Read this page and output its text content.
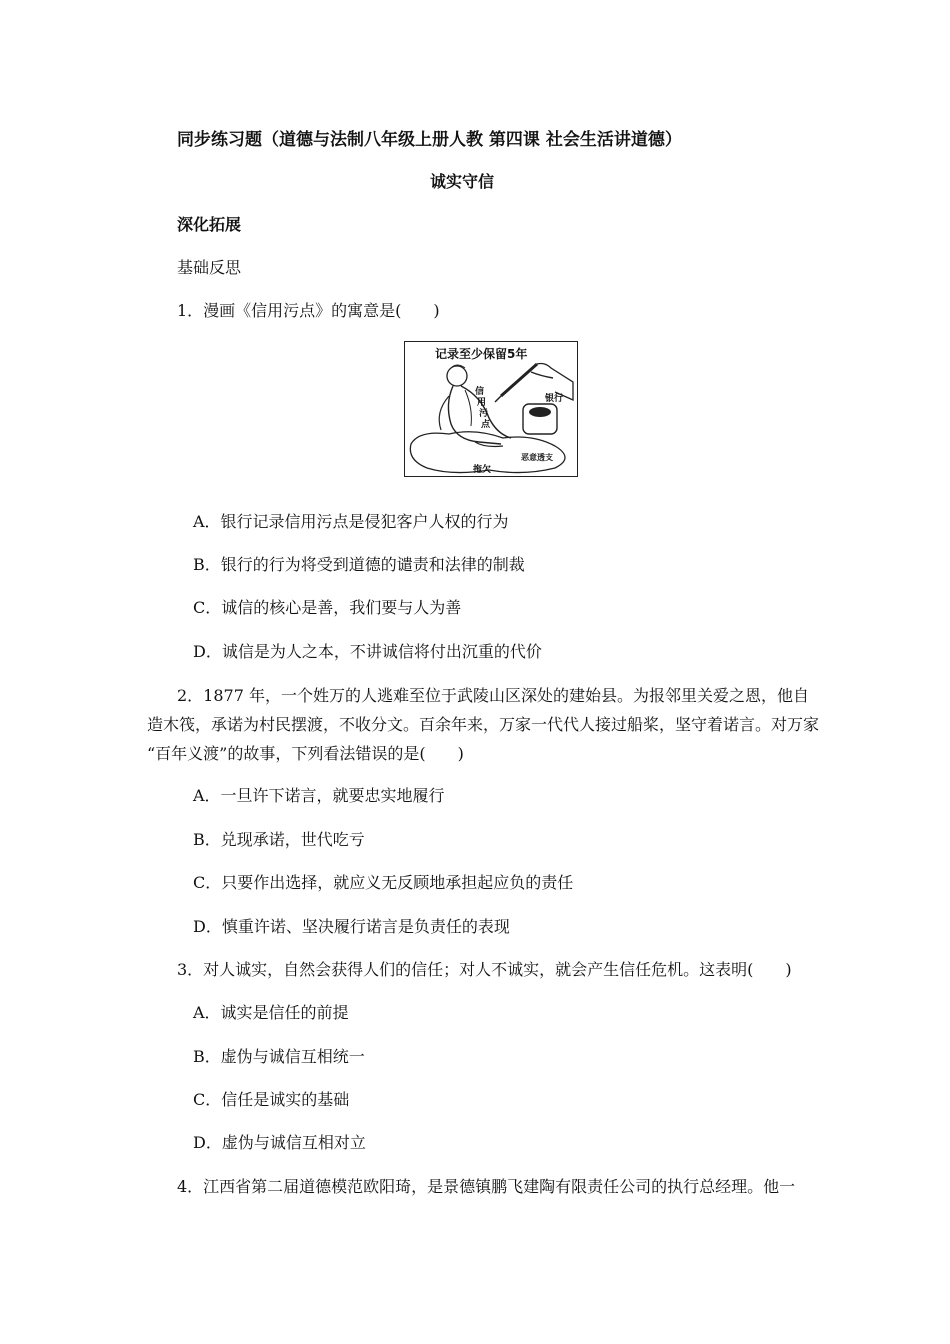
同步练习题（道德与法制八年级上册人教 第四课 社会生活讲道德）
诚实守信
深化拓展
基础反思
1．漫画《信用污点》的寓意是(　　)
记录至少保留5年
银行
信
用
污
点
拖欠
恶意透支
A．银行记录信用污点是侵犯客户人权的行为
B．银行的行为将受到道德的谴责和法律的制裁
C．诚信的核心是善，我们要与人为善
D．诚信是为人之本，不讲诚信将付出沉重的代价
2．1877 年，一个姓万的人逃难至位于武陵山区深处的建始县。为报邻里关爱之恩，他自
造木筏，承诺为村民摆渡，不收分文。百余年来，万家一代代人接过船桨，坚守着诺言。对万家
“百年义渡”的故事，下列看法错误的是(　　)
A．一旦许下诺言，就要忠实地履行
B．兑现承诺，世代吃亏
C．只要作出选择，就应义无反顾地承担起应负的责任
D．慎重许诺、坚决履行诺言是负责任的表现
3．对人诚实，自然会获得人们的信任；对人不诚实，就会产生信任危机。这表明(　　)
A．诚实是信任的前提
B．虚伪与诚信互相统一
C．信任是诚实的基础
D．虚伪与诚信互相对立
4．江西省第二届道德模范欧阳琦，是景德镇鹏飞建陶有限责任公司的执行总经理。他一
